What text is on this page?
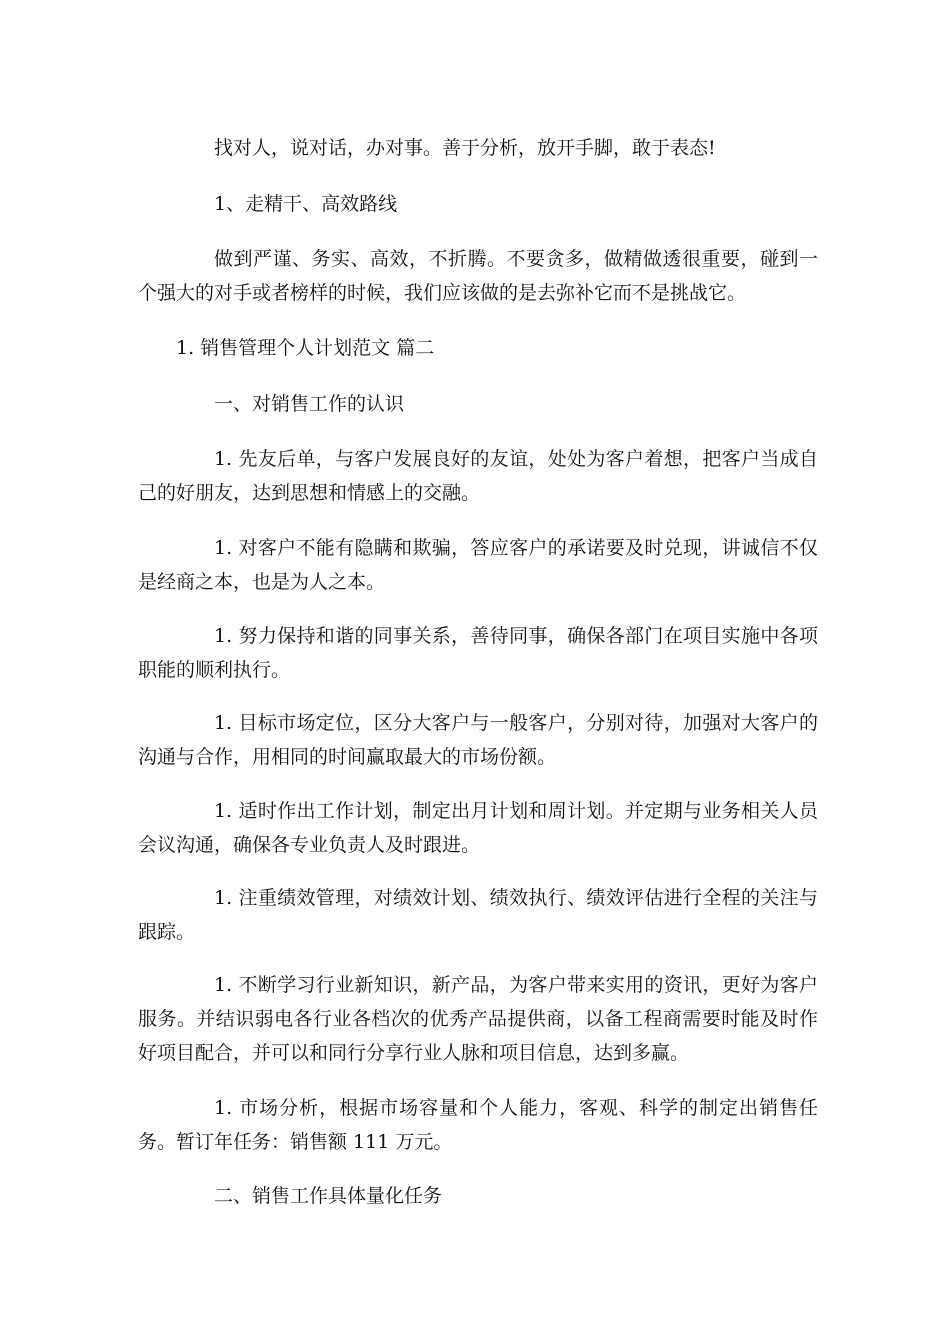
找对人，说对话，办对事。善于分析，放开手脚，敢于表态!

1、走精干、高效路线

做到严谨、务实、高效，不折腾。不要贪多，做精做透很重要，碰到一个强大的对手或者榜样的时候，我们应该做的是去弥补它而不是挑战它。

1. 销售管理个人计划范文 篇二

一、对销售工作的认识

1. 先友后单，与客户发展良好的友谊，处处为客户着想，把客户当成自己的好朋友，达到思想和情感上的交融。

1. 对客户不能有隐瞒和欺骗，答应客户的承诺要及时兑现，讲诚信不仅是经商之本，也是为人之本。

1. 努力保持和谐的同事关系，善待同事，确保各部门在项目实施中各项职能的顺利执行。

1. 目标市场定位，区分大客户与一般客户，分别对待，加强对大客户的沟通与合作，用相同的时间赢取最大的市场份额。

1. 适时作出工作计划，制定出月计划和周计划。并定期与业务相关人员会议沟通，确保各专业负责人及时跟进。

1. 注重绩效管理，对绩效计划、绩效执行、绩效评估进行全程的关注与跟踪。

1. 不断学习行业新知识，新产品，为客户带来实用的资讯，更好为客户服务。并结识弱电各行业各档次的优秀产品提供商，以备工程商需要时能及时作好项目配合，并可以和同行分享行业人脉和项目信息，达到多赢。

1. 市场分析，根据市场容量和个人能力，客观、科学的制定出销售任务。暂订年任务：销售额 111 万元。

二、销售工作具体量化任务
